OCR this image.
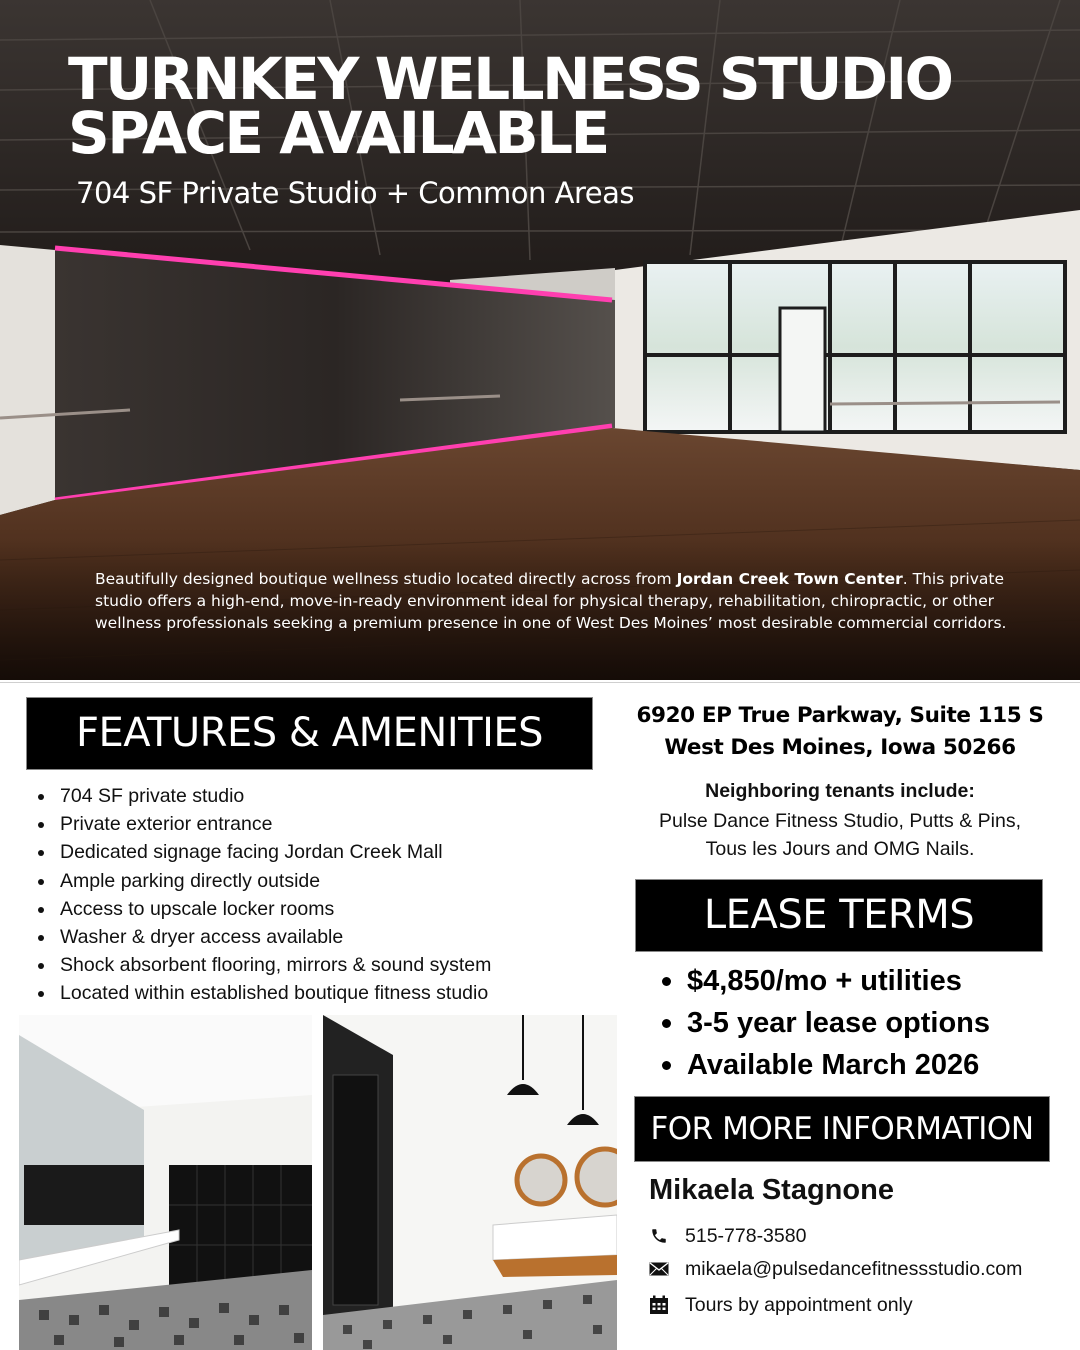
TURNKEY WELLNESS STUDIO
SPACE AVAILABLE
704 SF Private Studio + Common Areas

Beautifully designed boutique wellness studio located directly across from Jordan Creek Town Center. This private studio offers a high-end, move-in-ready environment ideal for physical therapy, rehabilitation, chiropractic, or other wellness professionals seeking a premium presence in one of West Des Moines’ most desirable commercial corridors.

FEATURES & AMENITIES
704 SF private studio
Private exterior entrance
Dedicated signage facing Jordan Creek Mall
Ample parking directly outside
Access to upscale locker rooms
Washer & dryer access available
Shock absorbent flooring, mirrors & sound system
Located within established boutique fitness studio
6920 EP True Parkway, Suite 115 S
West Des Moines, Iowa 50266
Neighboring tenants include:
Pulse Dance Fitness Studio, Putts & Pins,
Tous les Jours and OMG Nails.
LEASE TERMS
$4,850/mo + utilities
3-5 year lease options
Available March 2026
FOR MORE INFORMATION
Mikaela Stagnone
515-778-3580
mikaela@pulsedancefitnessstudio.com
Tours by appointment only
